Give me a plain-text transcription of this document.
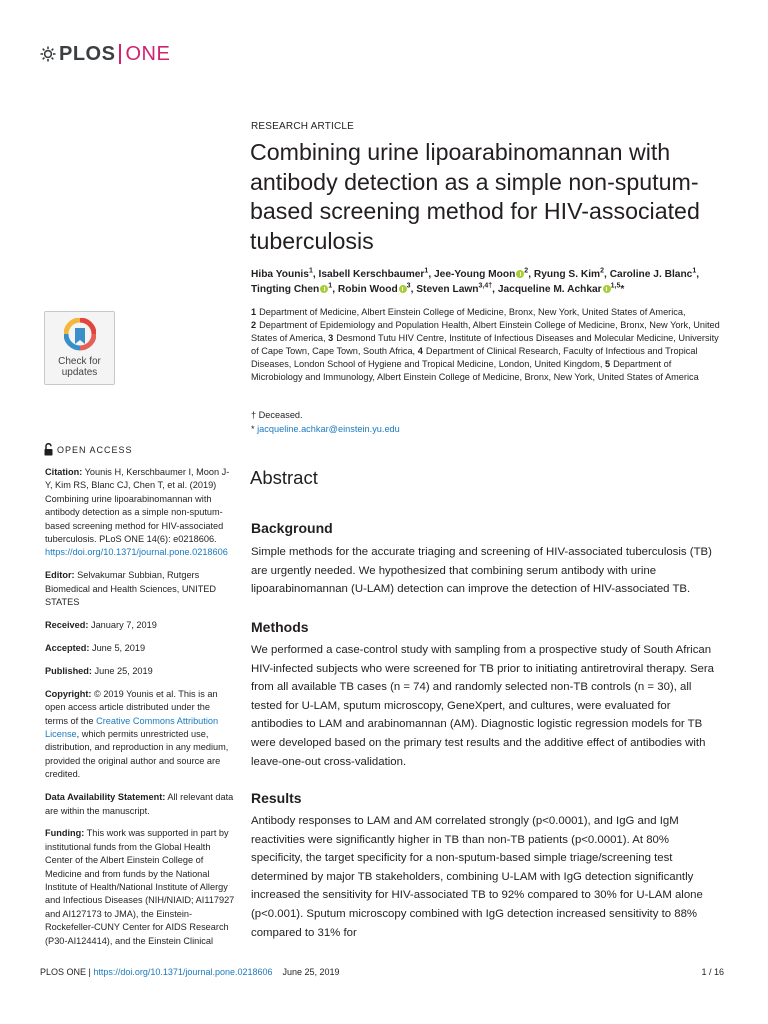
PLOS ONE
Check for
updates
OPEN ACCESS

Citation: Younis H, Kerschbaumer I, Moon J-Y, Kim RS, Blanc CJ, Chen T, et al. (2019) Combining urine lipoarabinomannan with antibody detection as a simple non-sputum-based screening method for HIV-associated tuberculosis. PLoS ONE 14(6): e0218606. https://doi.org/10.1371/journal.pone.0218606

Editor: Selvakumar Subbian, Rutgers Biomedical and Health Sciences, UNITED STATES

Received: January 7, 2019

Accepted: June 5, 2019

Published: June 25, 2019

Copyright: © 2019 Younis et al. This is an open access article distributed under the terms of the Creative Commons Attribution License, which permits unrestricted use, distribution, and reproduction in any medium, provided the original author and source are credited.

Data Availability Statement: All relevant data are within the manuscript.

Funding: This work was supported in part by institutional funds from the Global Health Center of the Albert Einstein College of Medicine and from funds by the National Institute of Health/National Institute of Allergy and Infectious Diseases (NIH/NIAID; AI117927 and AI127173 to JMA), the Einstein-Rockefeller-CUNY Center for AIDS Research (P30-AI124414), and the Einstein Clinical

RESEARCH ARTICLE
Combining urine lipoarabinomannan with antibody detection as a simple non-sputum-based screening method for HIV-associated tuberculosis
Hiba Younis$^1$, Isabell Kerschbaumer$^1$, Jee-Young Moon $^2$, Ryung S. Kim$^2$, Caroline J. Blanc$^1$, Tingting Chen $^1$, Robin Wood $^3$, Steven Lawn$^{3,4\dagger}$, Jacqueline M. Achkar $^{1,5}$*
1 Department of Medicine, Albert Einstein College of Medicine, Bronx, New York, United States of America, 2 Department of Epidemiology and Population Health, Albert Einstein College of Medicine, Bronx, New York, United States of America, 3 Desmond Tutu HIV Centre, Institute of Infectious Diseases and Molecular Medicine, University of Cape Town, Cape Town, South Africa, 4 Department of Clinical Research, Faculty of Infectious and Tropical Diseases, London School of Hygiene and Tropical Medicine, London, United Kingdom, 5 Department of Microbiology and Immunology, Albert Einstein College of Medicine, Bronx, New York, United States of America
† Deceased.
* jacqueline.achkar@einstein.yu.edu
Abstract
Background

Simple methods for the accurate triaging and screening of HIV-associated tuberculosis (TB) are urgently needed. We hypothesized that combining serum antibody with urine lipoarabinomannan (U-LAM) detection can improve the detection of HIV-associated TB.

Methods

We performed a case-control study with sampling from a prospective study of South African HIV-infected subjects who were screened for TB prior to initiating antiretroviral therapy. Sera from all available TB cases (n = 74) and randomly selected non-TB controls (n = 30), all tested for U-LAM, sputum microscopy, GeneXpert, and cultures, were evaluated for antibodies to LAM and arabinomannan (AM). Diagnostic logistic regression models for TB were developed based on the primary test results and the additive effect of antibodies with leave-one-out cross-validation.

Results

Antibody responses to LAM and AM correlated strongly (p<0.0001), and IgG and IgM reactivities were significantly higher in TB than non-TB patients (p<0.0001). At 80% specificity, the target specificity for a non-sputum-based simple triage/screening test determined by major TB stakeholders, combining U-LAM with IgG detection significantly increased the sensitivity for HIV-associated TB to 92% compared to 30% for U-LAM alone (p<0.001). Sputum microscopy combined with IgG detection increased sensitivity to 88% compared to 31% for

PLOS ONE | https://doi.org/10.1371/journal.pone.0218606 June 25, 2019	1 / 16
